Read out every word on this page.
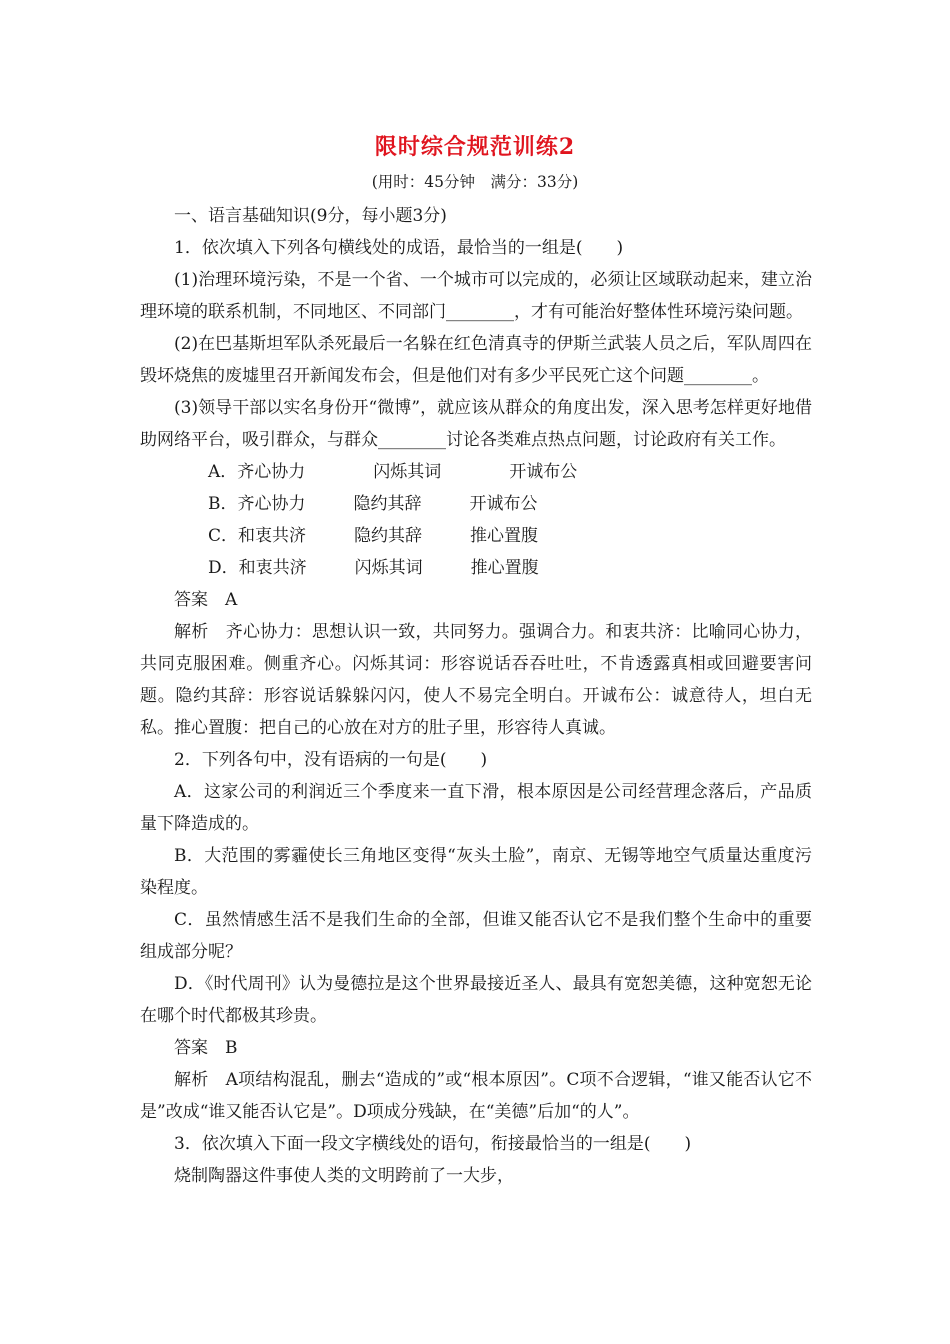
限时综合规范训练2
(用时：45分钟　满分：33分)

一、语言基础知识(9分，每小题3分)

1．依次填入下列各句横线处的成语，最恰当的一组是(　　)

(1)治理环境污染，不是一个省、一个城市可以完成的，必须让区域联动起来，建立治理环境的联系机制，不同地区、不同部门________，才有可能治好整体性环境污染问题。

(2)在巴基斯坦军队杀死最后一名躲在红色清真寺的伊斯兰武装人员之后，军队周四在毁坏烧焦的废墟里召开新闻发布会，但是他们对有多少平民死亡这个问题________。

(3)领导干部以实名身份开“微博”，就应该从群众的角度出发，深入思考怎样更好地借助网络平台，吸引群众，与群众________讨论各类难点热点问题，讨论政府有关工作。

A．齐心协力	闪烁其词	开诚布公

B．齐心协力	隐约其辞	开诚布公

C．和衷共济	隐约其辞	推心置腹

D．和衷共济	闪烁其词	推心置腹

答案　A

解析　齐心协力：思想认识一致，共同努力。强调合力。和衷共济：比喻同心协力，共同克服困难。侧重齐心。闪烁其词：形容说话吞吞吐吐，不肯透露真相或回避要害问题。隐约其辞：形容说话躲躲闪闪，使人不易完全明白。开诚布公：诚意待人，坦白无私。推心置腹：把自己的心放在对方的肚子里，形容待人真诚。

2．下列各句中，没有语病的一句是(　　)

A．这家公司的利润近三个季度来一直下滑，根本原因是公司经营理念落后，产品质量下降造成的。

B．大范围的雾霾使长三角地区变得“灰头土脸”，南京、无锡等地空气质量达重度污染程度。

C．虽然情感生活不是我们生命的全部，但谁又能否认它不是我们整个生命中的重要组成部分呢？

D．《时代周刊》认为曼德拉是这个世界最接近圣人、最具有宽恕美德，这种宽恕无论在哪个时代都极其珍贵。

答案　B

解析　A项结构混乱，删去“造成的”或“根本原因”。C项不合逻辑，“谁又能否认它不是”改成“谁又能否认它是”。D项成分残缺，在“美德”后加“的人”。

3．依次填入下面一段文字横线处的语句，衔接最恰当的一组是(　　)

烧制陶器这件事使人类的文明跨前了一大步，
